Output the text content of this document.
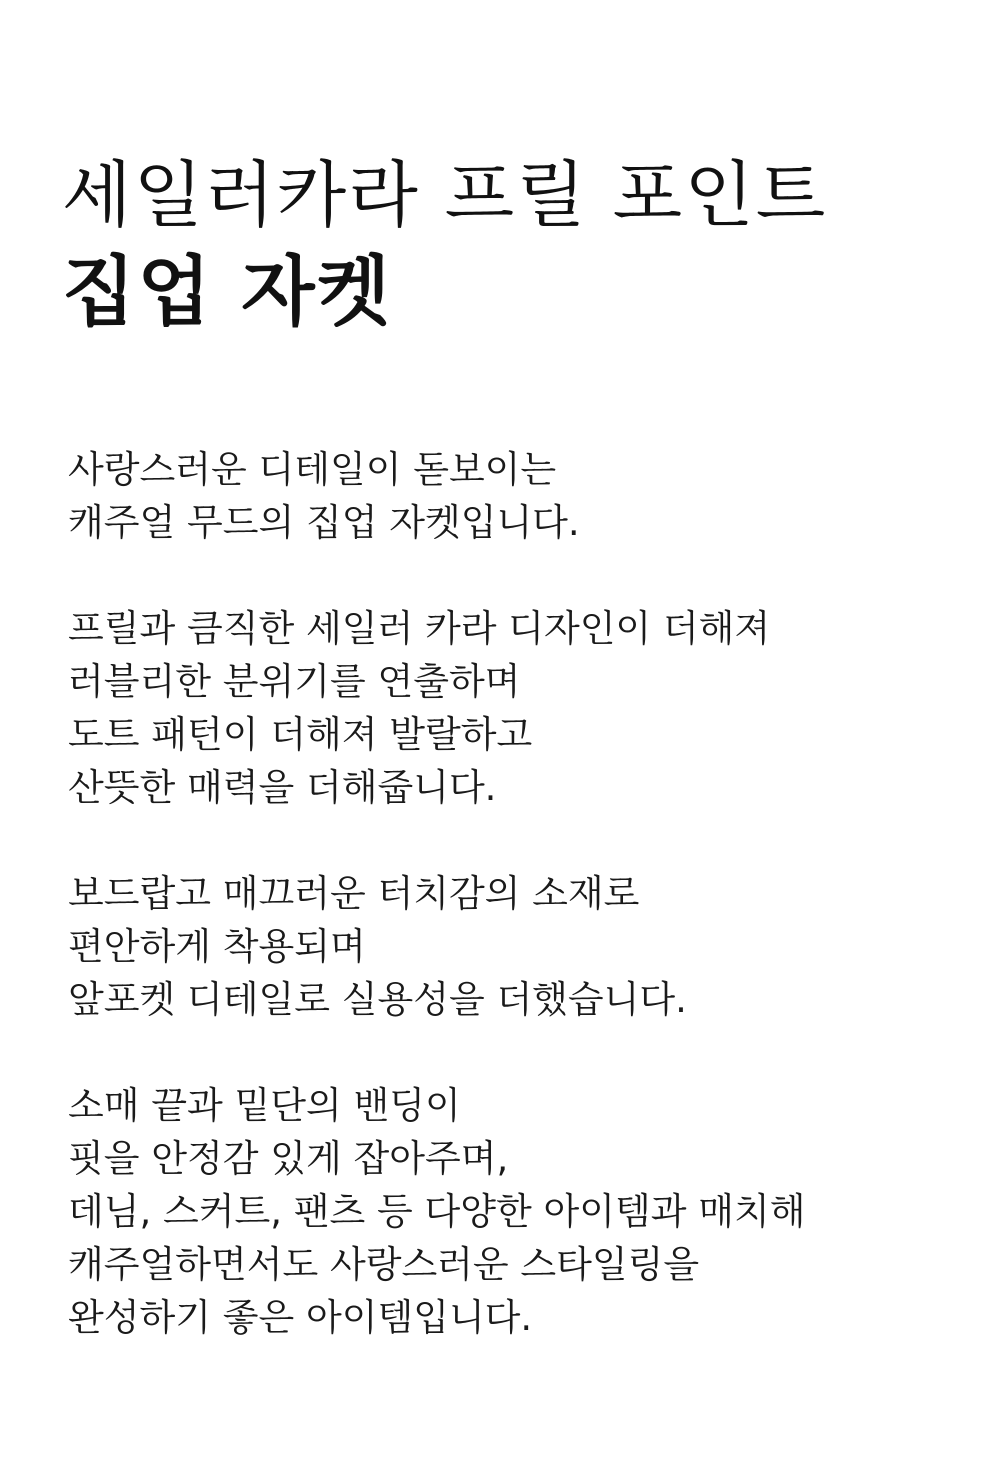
세일러카라 프릴 포인트
집업 자켓

사랑스러운 디테일이 돋보이는
캐주얼 무드의 집업 자켓입니다.

프릴과 큼직한 세일러 카라 디자인이 더해져
러블리한 분위기를 연출하며
도트 패턴이 더해져 발랄하고
산뜻한 매력을 더해줍니다.

보드랍고 매끄러운 터치감의 소재로
편안하게 착용되며
앞포켓 디테일로 실용성을 더했습니다.

소매 끝과 밑단의 밴딩이
핏을 안정감 있게 잡아주며,
데님, 스커트, 팬츠 등 다양한 아이템과 매치해
캐주얼하면서도 사랑스러운 스타일링을
완성하기 좋은 아이템입니다.
